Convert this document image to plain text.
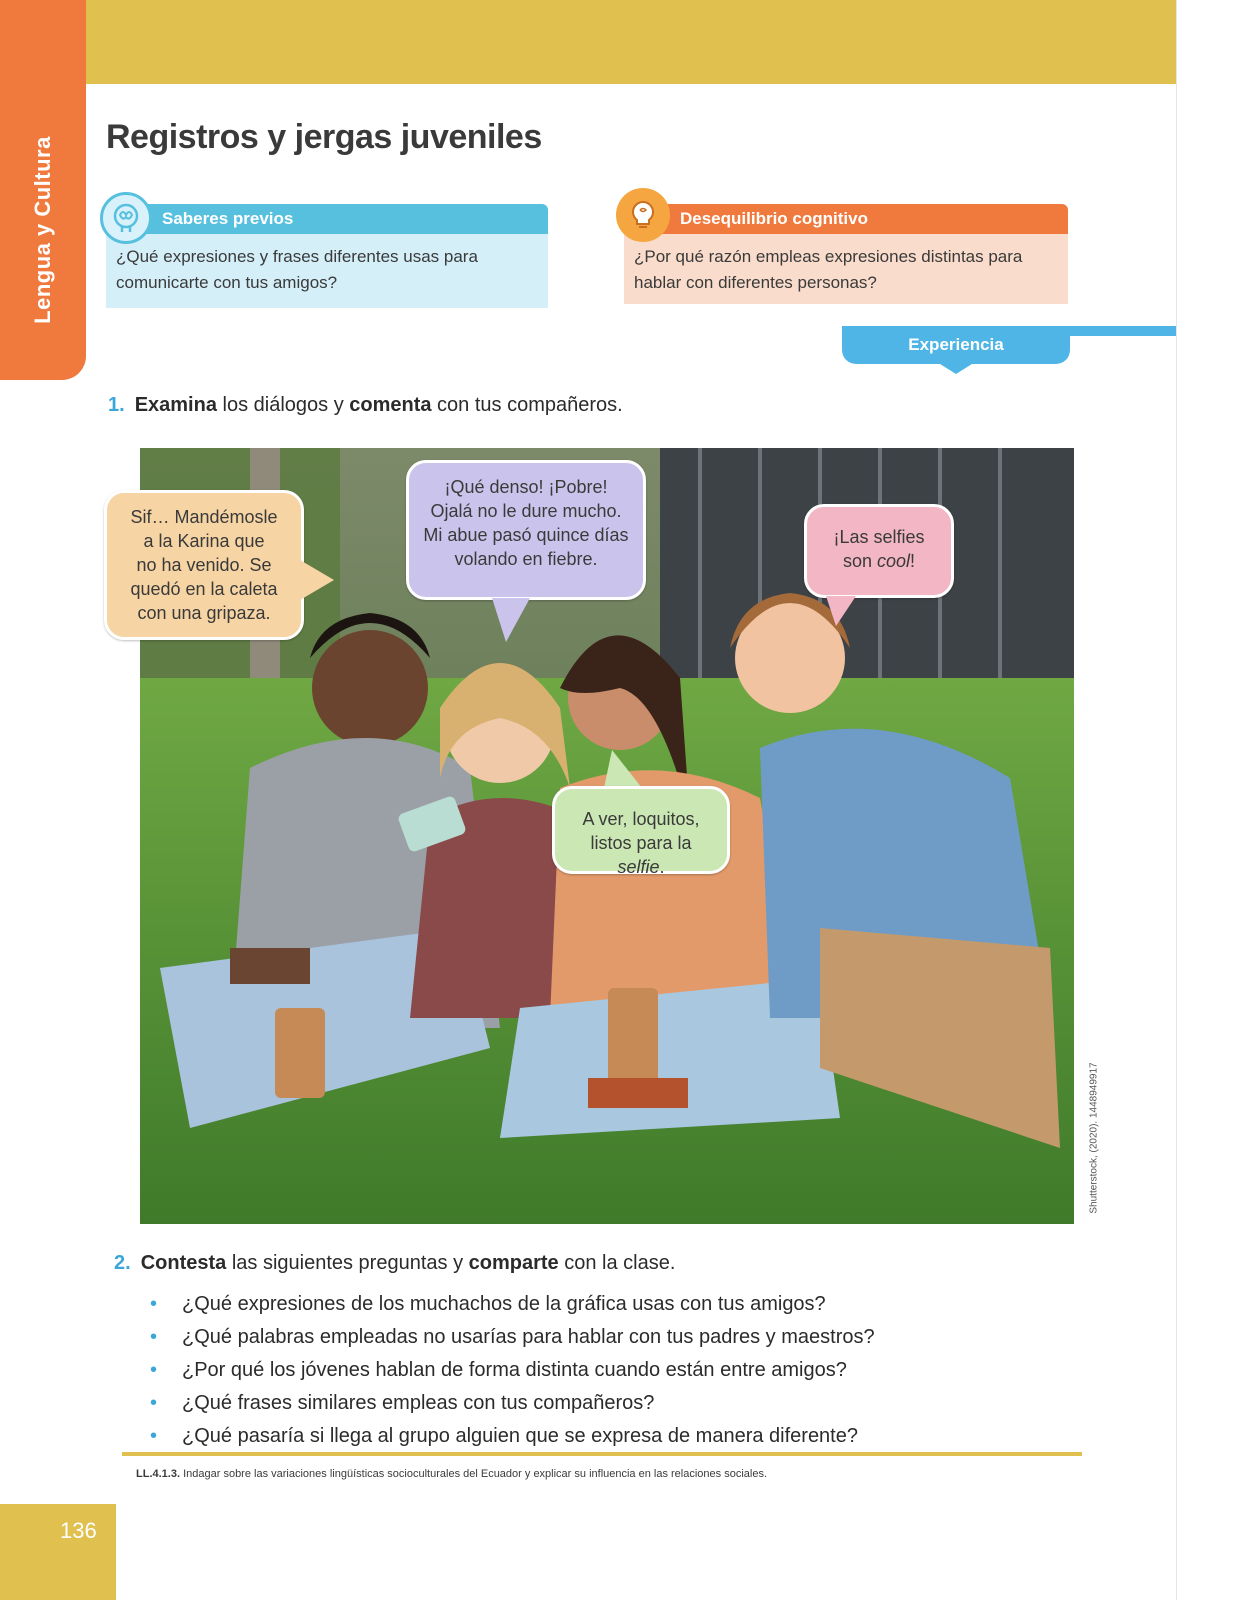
Lengua y Cultura Registros y jergas juveniles
Saberes previos
¿Qué expresiones y frases diferentes usas para
comunicarte con tus amigos?
Desequilibrio cognitivo
¿Por qué razón empleas expresiones distintas para
hablar con diferentes personas?
Experiencia
1. Examina los diálogos y comenta con tus compañeros.
Sif… Mandémosle
a la Karina que
no ha venido. Se
quedó en la caleta
con una gripaza.
¡Qué denso! ¡Pobre!
Ojalá no le dure mucho.
Mi abue pasó quince días
volando en fiebre.
¡Las selfies
son cool!
A ver, loquitos,
listos para la selfie.
Shutterstock, (2020). 1448949917
2. Contesta las siguientes preguntas y comparte con la clase.
• ¿Qué expresiones de los muchachos de la gráfica usas con tus amigos?
• ¿Qué palabras empleadas no usarías para hablar con tus padres y maestros?
• ¿Por qué los jóvenes hablan de forma distinta cuando están entre amigos?
• ¿Qué frases similares empleas con tus compañeros?
• ¿Qué pasaría si llega al grupo alguien que se expresa de manera diferente?
LL.4.1.3. Indagar sobre las variaciones lingüísticas socioculturales del Ecuador y explicar su influencia en las relaciones sociales.
136
